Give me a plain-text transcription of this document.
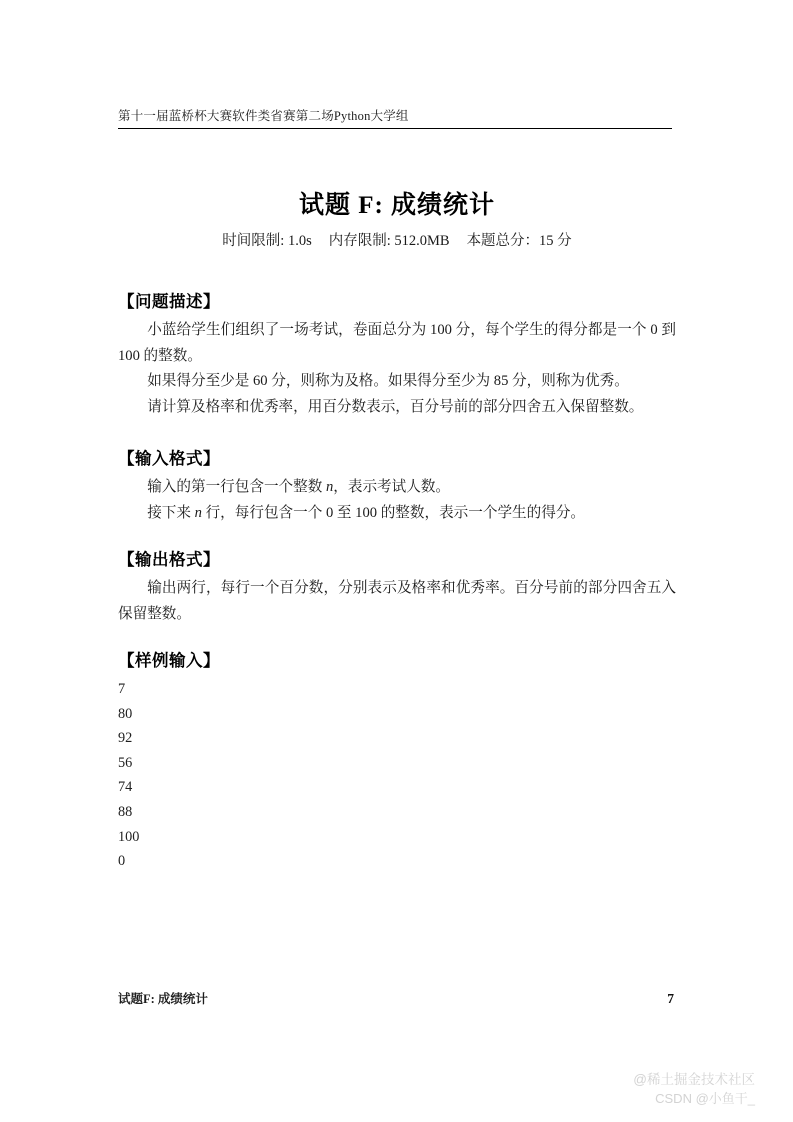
第十一届蓝桥杯大赛软件类省赛第二场Python大学组
试题 F: 成绩统计
时间限制: 1.0s 内存限制: 512.0MB 本题总分：15 分
【问题描述】

小蓝给学生们组织了一场考试，卷面总分为 100 分，每个学生的得分都是一个 0 到 100 的整数。

如果得分至少是 60 分，则称为及格。如果得分至少为 85 分，则称为优秀。

请计算及格率和优秀率，用百分数表示，百分号前的部分四舍五入保留整数。

【输入格式】

输入的第一行包含一个整数 n，表示考试人数。

接下来 n 行，每行包含一个 0 至 100 的整数，表示一个学生的得分。

【输出格式】

输出两行，每行一个百分数，分别表示及格率和优秀率。百分号前的部分四舍五入保留整数。

【样例输入】
7
80
92
56
74
88
100
0
试题F: 成绩统计	7
@稀土掘金技术社区
CSDN @小鱼干_
